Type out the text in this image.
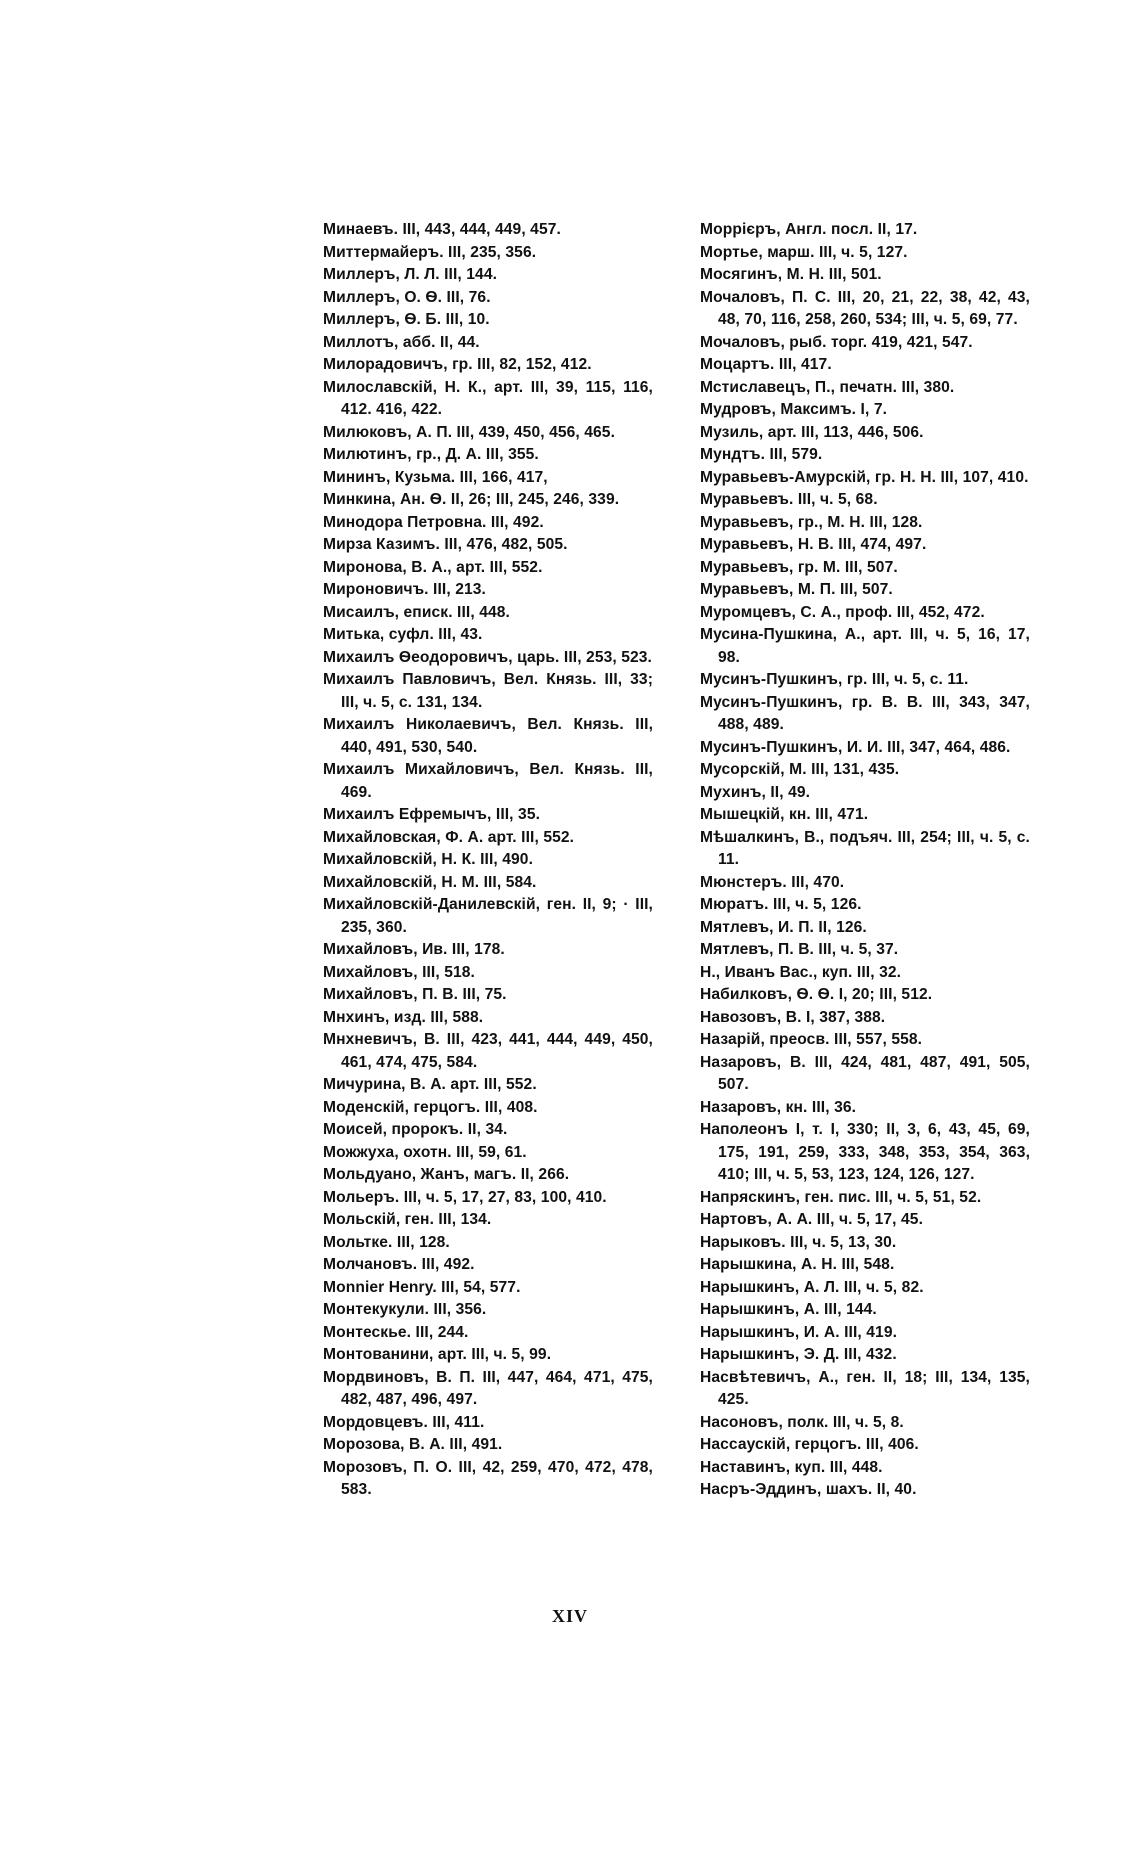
Минаевъ. III, 443, 444, 449, 457.
Миттермайеръ. III, 235, 356.
Миллеръ, Л. Л. III, 144.
Миллеръ, О. Ѳ. III, 76.
Миллеръ, Ѳ. Б. III, 10.
Миллотъ, абб. II, 44.
Милорадовичъ, гр. III, 82, 152, 412.
Милославскій, Н. К., арт. III, 39, 115, 116, 412. 416, 422.
Милюковъ, А. П. III, 439, 450, 456, 465.
Милютинъ, гр., Д. А. III, 355.
Мининъ, Кузьма. III, 166, 417,
Минкина, Ан. Ѳ. II, 26; III, 245, 246, 339.
Минодора Петровна. III, 492.
Мирза Казимъ. III, 476, 482, 505.
Миронова, В. А., арт. III, 552.
Мироновичъ. III, 213.
Мисаилъ, еписк. III, 448.
Митька, суфл. III, 43.
Михаилъ Ѳеодоровичъ, царь. III, 253, 523.
Михаилъ Павловичъ, Вел. Князь. III, 33; III, ч. 5, с. 131, 134.
Михаилъ Николаевичъ, Вел. Князь. III, 440, 491, 530, 540.
Михаилъ Михайловичъ, Вел. Князь. III, 469.
Михаилъ Ефремычъ, III, 35.
Михайловская, Ф. А. арт. III, 552.
Михайловскій, Н. К. III, 490.
Михайловскій, Н. М. III, 584.
Михайловскій-Данилевскій, ген. II, 9; · III, 235, 360.
Михайловъ, Ив. III, 178.
Михайловъ, III, 518.
Михайловъ, П. В. III, 75.
Мнхинъ, изд. III, 588.
Мнхневичъ, В. III, 423, 441, 444, 449, 450, 461, 474, 475, 584.
Мичурина, В. А. арт. III, 552.
Моденскій, герцогъ. III, 408.
Моисей, пророкъ. II, 34.
Можжуха, охотн. III, 59, 61.
Мольдуано, Жанъ, магъ. II, 266.
Мольеръ. III, ч. 5, 17, 27, 83, 100, 410.
Мольскій, ген. III, 134.
Мольтке. III, 128.
Молчановъ. III, 492.
Monnier Henry. III, 54, 577.
Монтекукули. III, 356.
Монтескье. III, 244.
Монтованини, арт. III, ч. 5, 99.
Мордвиновъ, В. П. III, 447, 464, 471, 475, 482, 487, 496, 497.
Мордовцевъ. III, 411.
Морозова, В. А. III, 491.
Морозовъ, П. О. III, 42, 259, 470, 472, 478, 583.
Моррієръ, Англ. посл. II, 17.
Мортье, марш. III, ч. 5, 127.
Мосягинъ, М. Н. III, 501.
Мочаловъ, П. С. III, 20, 21, 22, 38, 42, 43, 48, 70, 116, 258, 260, 534; III, ч. 5, 69, 77.
Мочаловъ, рыб. торг. 419, 421, 547.
Моцартъ. III, 417.
Мстиславецъ, П., печатн. III, 380.
Мудровъ, Максимъ. I, 7.
Музиль, арт. III, 113, 446, 506.
Мундтъ. III, 579.
Муравьевъ-Амурскій, гр. Н. Н. III, 107, 410.
Муравьевъ. III, ч. 5, 68.
Муравьевъ, гр., М. Н. III, 128.
Муравьевъ, Н. В. III, 474, 497.
Муравьевъ, гр. М. III, 507.
Муравьевъ, М. П. III, 507.
Муромцевъ, С. А., проф. III, 452, 472.
Мусина-Пушкина, А., арт. III, ч. 5, 16, 17, 98.
Мусинъ-Пушкинъ, гр. III, ч. 5, с. 11.
Мусинъ-Пушкинъ, гр. В. В. III, 343, 347, 488, 489.
Мусинъ-Пушкинъ, И. И. III, 347, 464, 486.
Мусорскій, М. III, 131, 435.
Мухинъ, II, 49.
Мышецкій, кн. III, 471.
Мѣшалкинъ, В., подъяч. III, 254; III, ч. 5, с. 11.
Мюнстеръ. III, 470.
Мюратъ. III, ч. 5, 126.
Мятлевъ, И. П. II, 126.
Мятлевъ, П. В. III, ч. 5, 37.
Н., Иванъ Вас., куп. III, 32.
Набилковъ, Ѳ. Ѳ. I, 20; III, 512.
Навозовъ, В. I, 387, 388.
Назарій, преосв. III, 557, 558.
Назаровъ, В. III, 424, 481, 487, 491, 505, 507.
Назаровъ, кн. III, 36.
Наполеонъ I, т. I, 330; II, 3, 6, 43, 45, 69, 175, 191, 259, 333, 348, 353, 354, 363, 410; III, ч. 5, 53, 123, 124, 126, 127.
Напряскинъ, ген. пис. III, ч. 5, 51, 52.
Нартовъ, А. А. III, ч. 5, 17, 45.
Нарыковъ. III, ч. 5, 13, 30.
Нарышкина, А. Н. III, 548.
Нарышкинъ, А. Л. III, ч. 5, 82.
Нарышкинъ, А. III, 144.
Нарышкинъ, И. А. III, 419.
Нарышкинъ, Э. Д. III, 432.
Насвѣтевичъ, А., ген. II, 18; III, 134, 135, 425.
Насоновъ, полк. III, ч. 5, 8.
Нассаускій, герцогъ. III, 406.
Наставинъ, куп. III, 448.
Насръ-Эддинъ, шахъ. II, 40.
XIV
